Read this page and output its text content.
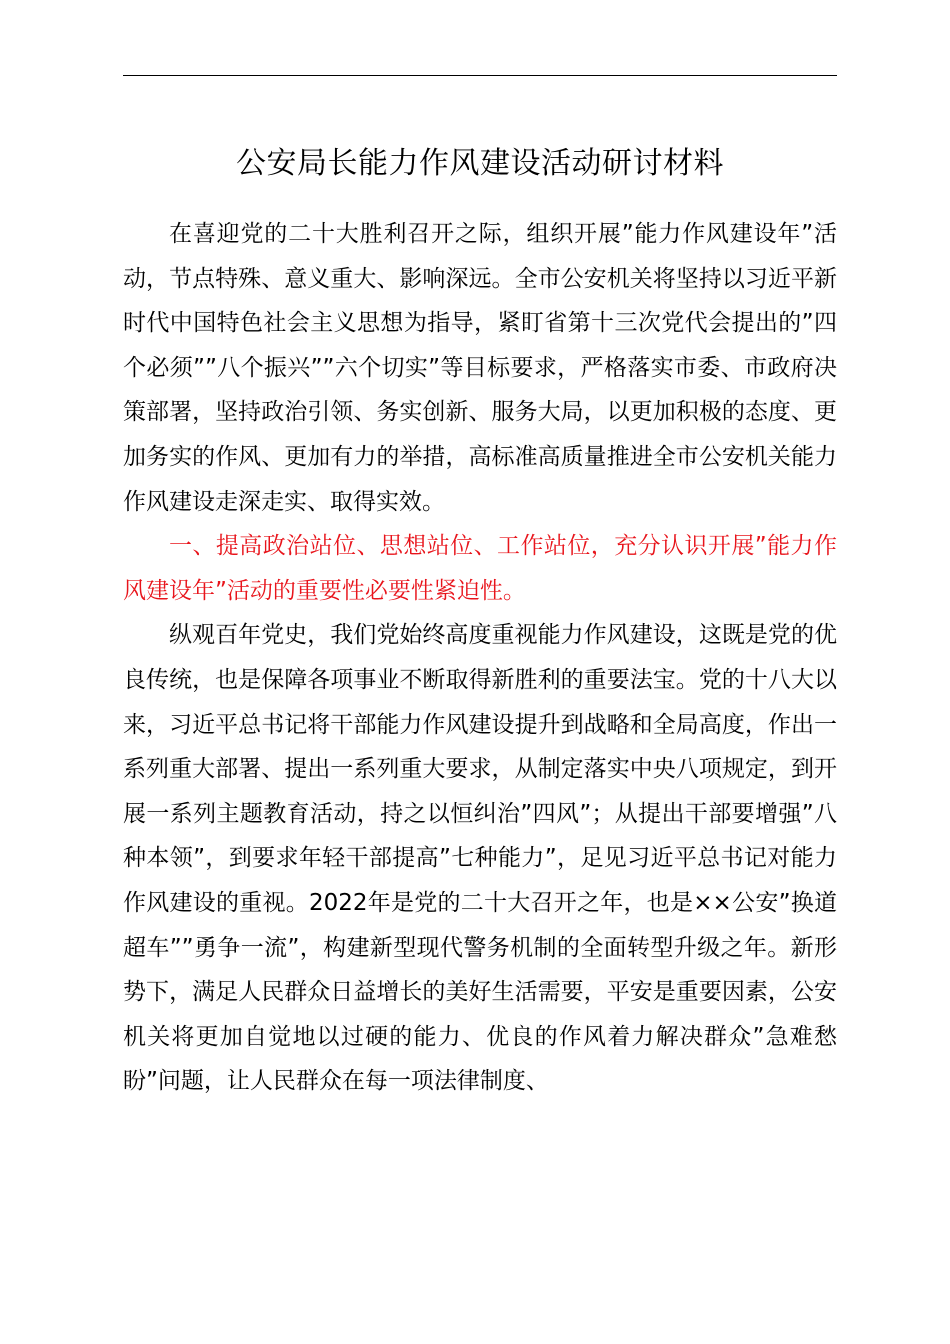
公安局长能力作风建设活动研讨材料

在喜迎党的二十大胜利召开之际，组织开展”能力作风建设年”活动，节点特殊、意义重大、影响深远。全市公安机关将坚持以习近平新时代中国特色社会主义思想为指导，紧盯省第十三次党代会提出的”四个必须””八个振兴””六个切实”等目标要求，严格落实市委、市政府决策部署，坚持政治引领、务实创新、服务大局，以更加积极的态度、更加务实的作风、更加有力的举措，高标准高质量推进全市公安机关能力作风建设走深走实、取得实效。

一、提高政治站位、思想站位、工作站位，充分认识开展”能力作风建设年”活动的重要性必要性紧迫性。

纵观百年党史，我们党始终高度重视能力作风建设，这既是党的优良传统，也是保障各项事业不断取得新胜利的重要法宝。党的十八大以来，习近平总书记将干部能力作风建设提升到战略和全局高度，作出一系列重大部署、提出一系列重大要求，从制定落实中央八项规定，到开展一系列主题教育活动，持之以恒纠治”四风”；从提出干部要增强”八种本领”，到要求年轻干部提高”七种能力”，足见习近平总书记对能力作风建设的重视。2022年是党的二十大召开之年，也是××公安”换道超车””勇争一流”，构建新型现代警务机制的全面转型升级之年。新形势下，满足人民群众日益增长的美好生活需要，平安是重要因素，公安机关将更加自觉地以过硬的能力、优良的作风着力解决群众”急难愁盼”问题，让人民群众在每一项法律制度、
